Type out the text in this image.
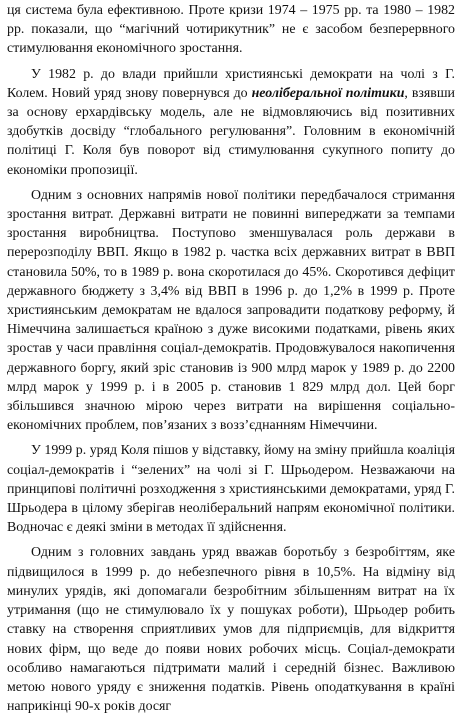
ця система була ефективною. Проте кризи 1974 – 1975 рр. та 1980 – 1982 рр. показали, що “магічний чотирикутник” не є засобом безперервного стимулювання економічного зростання.

У 1982 р. до влади прийшли християнські демократи на чолі з Г. Колем. Новий уряд знову повернувся до неоліберальної політики, взявши за основу ерхардівську модель, але не відмовляючись від позитивних здобутків досвіду “глобального регулювання”. Головним в економічній політиці Г. Коля був поворот від стимулювання сукупного попиту до економіки пропозиції.

Одним з основних напрямів нової політики передбачалося стримання зростання витрат. Державні витрати не повинні випереджати за темпами зростання виробництва. Поступово зменшувалася роль держави в перерозподілу ВВП. Якщо в 1982 р. частка всіх державних витрат в ВВП становила 50%, то в 1989 р. вона скоротилася до 45%. Скоротився дефіцит державного бюджету з 3,4% від ВВП в 1996 р. до 1,2% в 1999 р. Проте християнським демократам не вдалося запровадити податкову реформу, й Німеччина залишається країною з дуже високими податками, рівень яких зростав у часи правління соціал-демократів. Продовжувалося накопичення державного боргу, який зріс становив із 900 млрд марок у 1989 р. до 2200 млрд марок у 1999 р. і в 2005 р. становив 1 829 млрд дол. Цей борг збільшився значною мірою через витрати на вирішення соціально-економічних проблем, пов’язаних з возз’єднанням Німеччини.

У 1999 р. уряд Коля пішов у відставку, йому на зміну прийшла коаліція соціал-демократів і “зелених” на чолі зі Г. Шрьодером. Незважаючи на принципові політичні розходження з християнськими демократами, уряд Г. Шрьодера в цілому зберігав неоліберальний напрям економічної політики. Водночас є деякі зміни в методах її здійснення.

Одним з головних завдань уряд вважав боротьбу з безробіттям, яке підвищилося в 1999 р. до небезпечного рівня в 10,5%. На відміну від минулих урядів, які допомагали безробітним збільшенням витрат на їх утримання (що не стимулювало їх у пошуках роботи), Шрьодер робить ставку на створення сприятливих умов для підприємців, для відкриття нових фірм, що веде до появи нових робочих місць. Соціал-демократи особливо намагаються підтримати малий і середній бізнес. Важливою метою нового уряду є зниження податків. Рівень оподаткування в країні наприкінці 90-х років досяг
